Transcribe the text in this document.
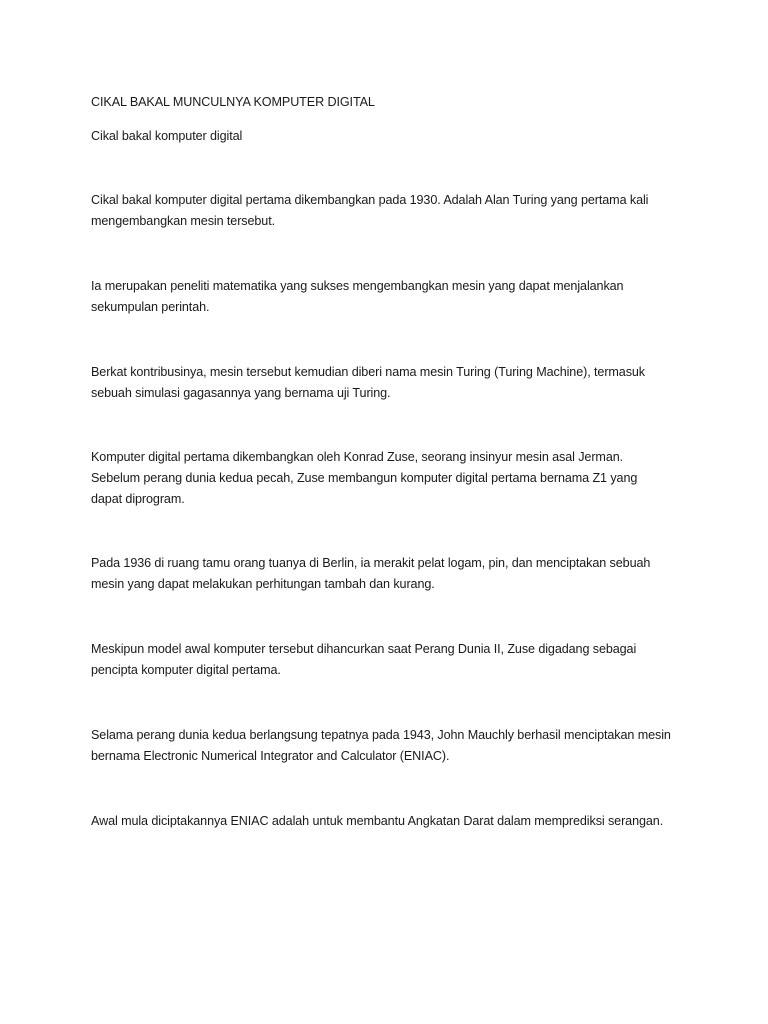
CIKAL BAKAL MUNCULNYA KOMPUTER DIGITAL
Cikal bakal komputer digital
Cikal bakal komputer digital pertama dikembangkan pada 1930. Adalah Alan Turing yang pertama kali
mengembangkan mesin tersebut.
Ia merupakan peneliti matematika yang sukses mengembangkan mesin yang dapat menjalankan
sekumpulan perintah.
Berkat kontribusinya, mesin tersebut kemudian diberi nama mesin Turing (Turing Machine), termasuk
sebuah simulasi gagasannya yang bernama uji Turing.
Komputer digital pertama dikembangkan oleh Konrad Zuse, seorang insinyur mesin asal Jerman.
Sebelum perang dunia kedua pecah, Zuse membangun komputer digital pertama bernama Z1 yang
dapat diprogram.
Pada 1936 di ruang tamu orang tuanya di Berlin, ia merakit pelat logam, pin, dan menciptakan sebuah
mesin yang dapat melakukan perhitungan tambah dan kurang.
Meskipun model awal komputer tersebut dihancurkan saat Perang Dunia II, Zuse digadang sebagai
pencipta komputer digital pertama.
Selama perang dunia kedua berlangsung tepatnya pada 1943, John Mauchly berhasil menciptakan mesin
bernama Electronic Numerical Integrator and Calculator (ENIAC).
Awal mula diciptakannya ENIAC adalah untuk membantu Angkatan Darat dalam memprediksi serangan.
